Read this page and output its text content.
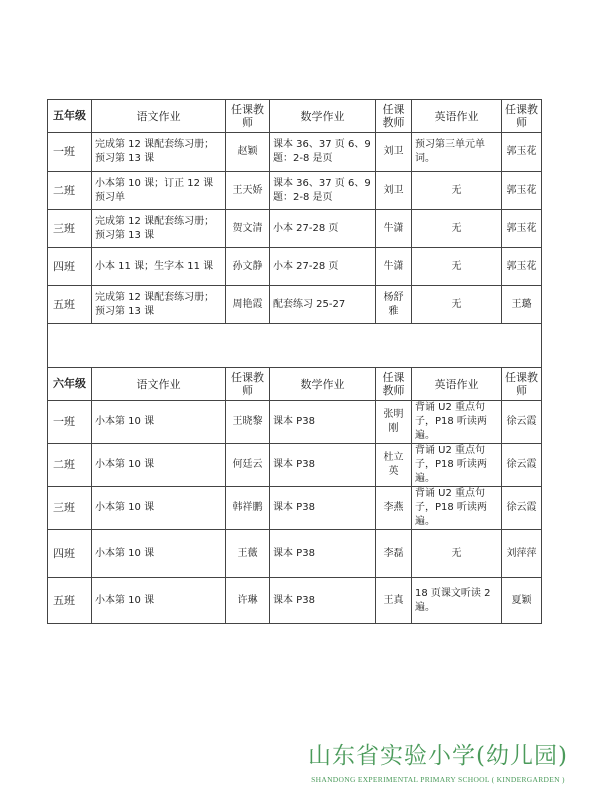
五年级	语文作业	任课教师	数学作业	任课教师	英语作业	任课教师
一班	完成第 12 课配套练习册；预习第 13 课	赵颖	课本 36、37 页 6、9 题：2-8 是页	刘卫	预习第三单元单词。	郭玉花
二班	小本第 10 课；订正 12 课预习单	王天娇	课本 36、37 页 6、9 题：2-8 是页	刘卫	无	郭玉花
三班	完成第 12 课配套练习册；预习第 13 课	贺文清	小本 27-28 页	牛潇	无	郭玉花
四班	小本 11 课；生字本 11 课	孙文静	小本 27-28 页	牛潇	无	郭玉花
五班	完成第 12 课配套练习册；预习第 13 课	周艳霞	配套练习 25-27	杨舒雅	无	王璐

六年级	语文作业	任课教师	数学作业	任课教师	英语作业	任课教师
一班	小本第 10 课	王晓黎	课本 P38	张明刚	背诵 U2 重点句子，P18 听读两遍。	徐云霞
二班	小本第 10 课	何廷云	课本 P38	杜立英	背诵 U2 重点句子，P18 听读两遍。	徐云霞
三班	小本第 10 课	韩祥鹏	课本 P38	李燕	背诵 U2 重点句子，P18 听读两遍。	徐云霞
四班	小本第 10 课	王薇	课本 P38	李磊	无	刘萍萍
五班	小本第 10 课	许琳	课本 P38	王真	18 页课文听读 2 遍。	夏颖
山东省实验小学(幼儿园)
SHANDONG EXPERIMENTAL PRIMARY SCHOOL ( KINDERGARDEN )
